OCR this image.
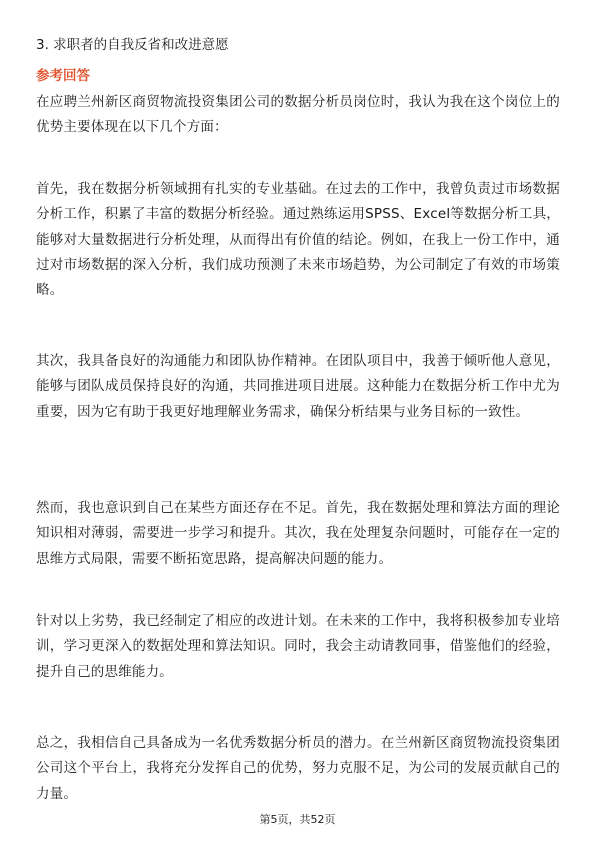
3. 求职者的自我反省和改进意愿
参考回答
在应聘兰州新区商贸物流投资集团公司的数据分析员岗位时，我认为我在这个岗位上的优势主要体现在以下几个方面：
首先，我在数据分析领域拥有扎实的专业基础。在过去的工作中，我曾负责过市场数据分析工作，积累了丰富的数据分析经验。通过熟练运用SPSS、Excel等数据分析工具，能够对大量数据进行分析处理，从而得出有价值的结论。例如，在我上一份工作中，通过对市场数据的深入分析，我们成功预测了未来市场趋势，为公司制定了有效的市场策略。
其次，我具备良好的沟通能力和团队协作精神。在团队项目中，我善于倾听他人意见，能够与团队成员保持良好的沟通，共同推进项目进展。这种能力在数据分析工作中尤为重要，因为它有助于我更好地理解业务需求，确保分析结果与业务目标的一致性。
然而，我也意识到自己在某些方面还存在不足。首先，我在数据处理和算法方面的理论知识相对薄弱，需要进一步学习和提升。其次，我在处理复杂问题时，可能存在一定的思维方式局限，需要不断拓宽思路，提高解决问题的能力。
针对以上劣势，我已经制定了相应的改进计划。在未来的工作中，我将积极参加专业培训，学习更深入的数据处理和算法知识。同时，我会主动请教同事，借鉴他们的经验，提升自己的思维能力。
总之，我相信自己具备成为一名优秀数据分析员的潜力。在兰州新区商贸物流投资集团公司这个平台上，我将充分发挥自己的优势，努力克服不足，为公司的发展贡献自己的力量。
第5页，共52页
